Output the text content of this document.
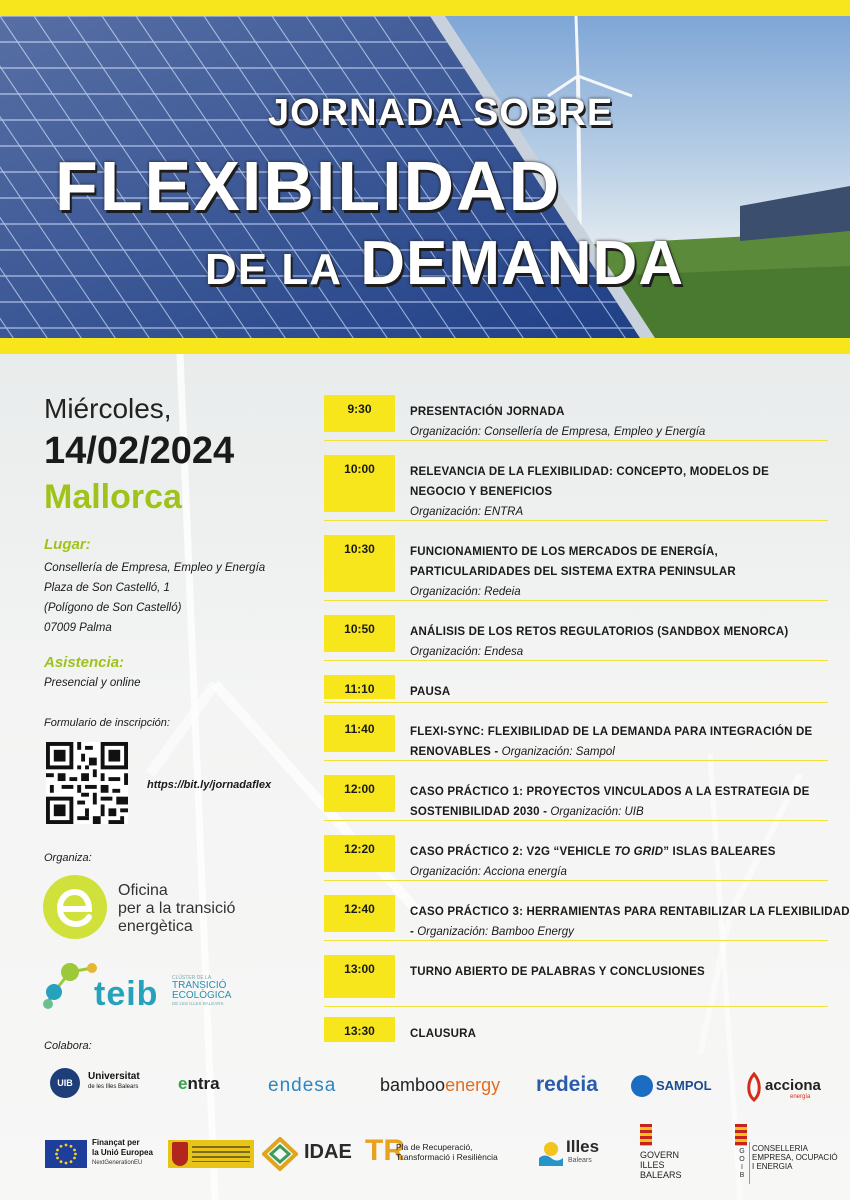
JORNADA SOBRE
FLEXIBILIDAD
DE LA DEMANDA
Miércoles,
14/02/2024
Mallorca
Lugar:
Consellería de Empresa, Empleo y Energía
Plaza de Son Castelló, 1
(Polígono de Son Castelló)
07009 Palma
Asistencia:
Presencial y online
Formulario de inscripción:
https://bit.ly/jornadaflex
Organiza:
Oficina
per a la transició
energètica
teib	CLÚSTER DE LA
TRANSICIÓ
ECOLÒGICA
DE LES ILLES BALEARS
Colabora:
9:30	PRESENTACIÓN JORNADA
Organización: Consellería de Empresa, Empleo y Energía
10:00	RELEVANCIA DE LA FLEXIBILIDAD: CONCEPTO, MODELOS DE NEGOCIO Y BENEFICIOS
Organización: ENTRA
10:30	FUNCIONAMIENTO DE LOS MERCADOS DE ENERGÍA, PARTICULARIDADES DEL SISTEMA EXTRA PENINSULAR
Organización: Redeia
10:50	ANÁLISIS DE LOS RETOS REGULATORIOS (SANDBOX MENORCA)
Organización: Endesa
11:10	PAUSA
11:40	FLEXI-SYNC: FLEXIBILIDAD DE LA DEMANDA PARA INTEGRACIÓN DE RENOVABLES - Organización: Sampol
12:00	CASO PRÁCTICO 1: PROYECTOS VINCULADOS A LA ESTRATEGIA DE SOSTENIBILIDAD 2030 - Organización: UIB
12:20	CASO PRÁCTICO 2: V2G “VEHICLE TO GRID” ISLAS BALEARES
Organización: Acciona energía
12:40	CASO PRÁCTICO 3: HERRAMIENTAS PARA RENTABILIZAR LA FLEXIBILIDAD - Organización: Bamboo Energy
13:00	TURNO ABIERTO DE PALABRAS Y CONCLUSIONES
13:30	CLAUSURA
UIB
Universitat
de les Illes Balears entra	endesa bambooenergy redeia	SAMPOL	acciona
energía
Finançat per
la Unió Europea
NextGenerationEU	IDAE TR
Pla de Recuperació,
Transformació i Resiliència
Illes
Balears
GOVERN
ILLES
BALEARS
G
O
I
B
CONSELLERIA
EMPRESA, OCUPACIÓ
I ENERGIA
